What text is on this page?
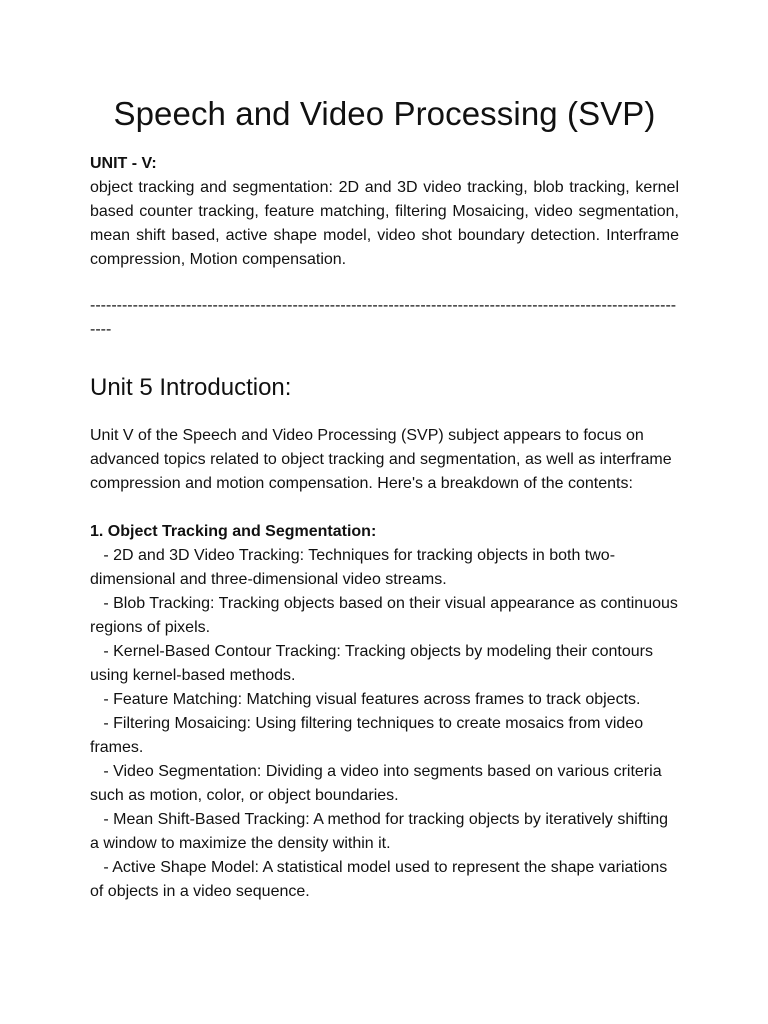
Speech and Video Processing (SVP)
UNIT - V:
object tracking and segmentation: 2D and 3D video tracking, blob tracking, kernel based counter tracking, feature matching, filtering Mosaicing, video segmentation, mean shift based, active shape model, video shot boundary detection. Interframe compression, Motion compensation.
------------------------------------------------------------------------------------------------------------------
Unit 5 Introduction:

Unit V of the Speech and Video Processing (SVP) subject appears to focus on advanced topics related to object tracking and segmentation, as well as interframe compression and motion compensation. Here's a breakdown of the contents:

1. Object Tracking and Segmentation:
- 2D and 3D Video Tracking: Techniques for tracking objects in both two-dimensional and three-dimensional video streams.
- Blob Tracking: Tracking objects based on their visual appearance as continuous regions of pixels.
- Kernel-Based Contour Tracking: Tracking objects by modeling their contours using kernel-based methods.
- Feature Matching: Matching visual features across frames to track objects.
- Filtering Mosaicing: Using filtering techniques to create mosaics from video frames.
- Video Segmentation: Dividing a video into segments based on various criteria such as motion, color, or object boundaries.
- Mean Shift-Based Tracking: A method for tracking objects by iteratively shifting a window to maximize the density within it.
- Active Shape Model: A statistical model used to represent the shape variations of objects in a video sequence.
